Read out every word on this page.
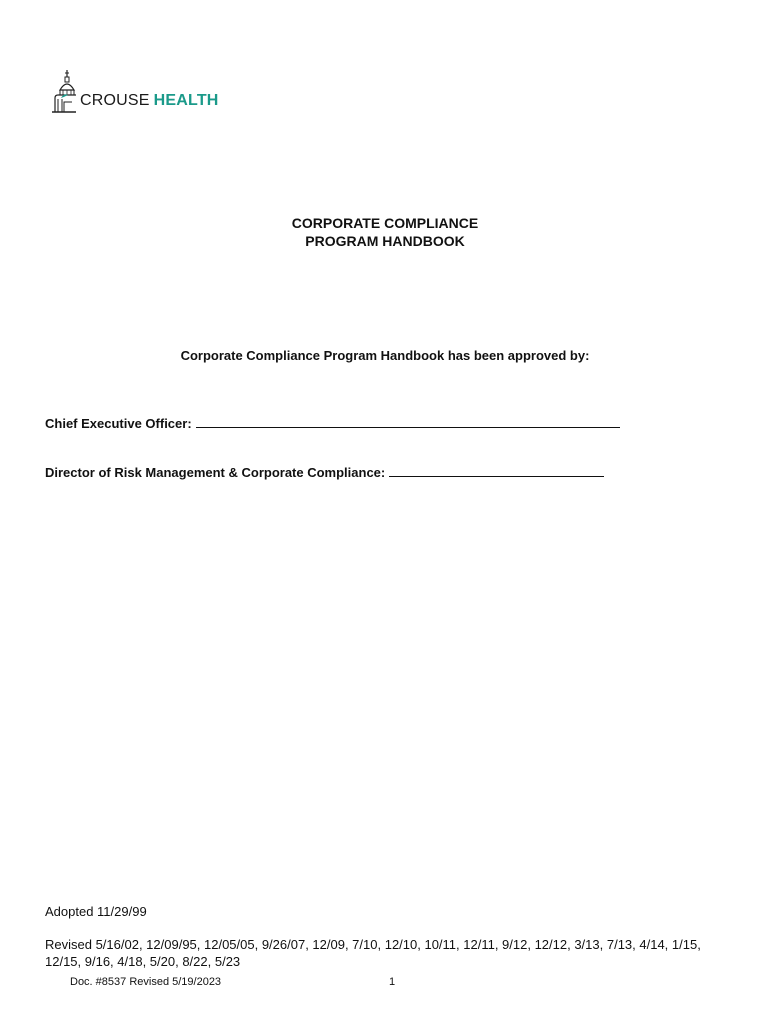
CROUSE HEALTH
CORPORATE COMPLIANCE
PROGRAM HANDBOOK
Corporate Compliance Program Handbook has been approved by:
Chief Executive Officer:
Director of Risk Management & Corporate Compliance:
Adopted 11/29/99
Revised 5/16/02, 12/09/95, 12/05/05, 9/26/07, 12/09, 7/10, 12/10, 10/11, 12/11, 9/12, 12/12, 3/13, 7/13, 4/14, 1/15, 12/15, 9/16, 4/18, 5/20, 8/22, 5/23
Doc. #8537 Revised 5/19/2023	1
